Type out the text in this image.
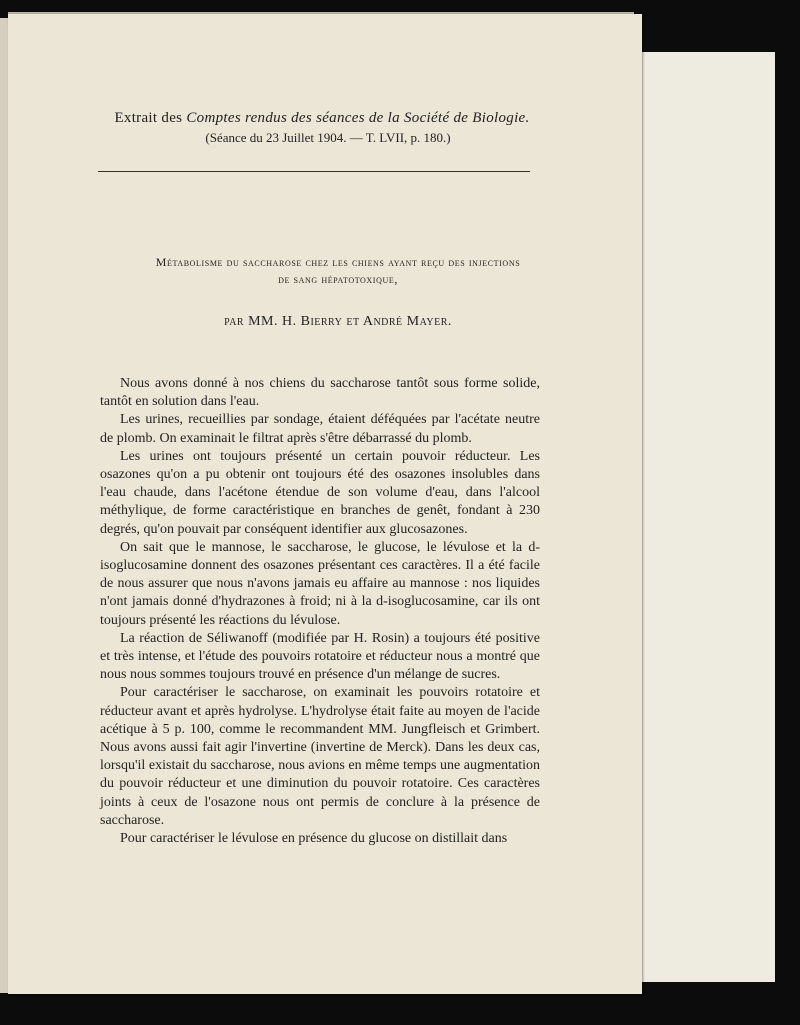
Extrait des Comptes rendus des séances de la Société de Biologie.
(Séance du 23 Juillet 1904. — T. LVII, p. 180.)
Métabolisme du saccharose chez les chiens ayant reçu des injections
de sang hépatotoxique,
par MM. H. Bierry et André Mayer.

Nous avons donné à nos chiens du saccharose tantôt sous forme solide, tantôt en solution dans l'eau.

Les urines, recueillies par sondage, étaient déféquées par l'acétate neutre de plomb. On examinait le filtrat après s'être débarrassé du plomb.

Les urines ont toujours présenté un certain pouvoir réducteur. Les osazones qu'on a pu obtenir ont toujours été des osazones insolubles dans l'eau chaude, dans l'acétone étendue de son volume d'eau, dans l'alcool méthylique, de forme caractéristique en branches de genêt, fondant à 230 degrés, qu'on pouvait par conséquent identifier aux glucosazones.

On sait que le mannose, le saccharose, le glucose, le lévulose et la d-isoglucosamine donnent des osazones présentant ces caractères. Il a été facile de nous assurer que nous n'avons jamais eu affaire au mannose : nos liquides n'ont jamais donné d'hydrazones à froid; ni à la d-isoglucosamine, car ils ont toujours présenté les réactions du lévulose.

La réaction de Séliwanoff (modifiée par H. Rosin) a toujours été positive et très intense, et l'étude des pouvoirs rotatoire et réducteur nous a montré que nous nous sommes toujours trouvé en présence d'un mélange de sucres.

Pour caractériser le saccharose, on examinait les pouvoirs rotatoire et réducteur avant et après hydrolyse. L'hydrolyse était faite au moyen de l'acide acétique à 5 p. 100, comme le recommandent MM. Jungfleisch et Grimbert. Nous avons aussi fait agir l'invertine (invertine de Merck). Dans les deux cas, lorsqu'il existait du saccharose, nous avions en même temps une augmentation du pouvoir réducteur et une diminution du pouvoir rotatoire. Ces caractères joints à ceux de l'osazone nous ont permis de conclure à la présence de saccharose.

Pour caractériser le lévulose en présence du glucose on distillait dans
